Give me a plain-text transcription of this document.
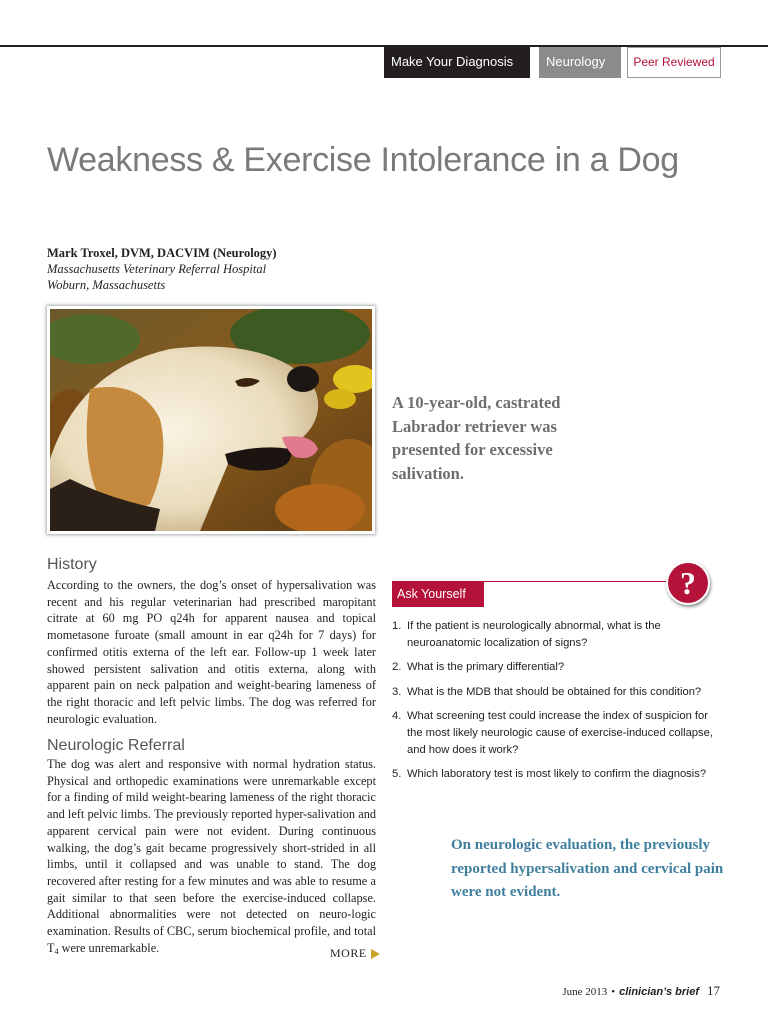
Make Your Diagnosis	Neurology	Peer Reviewed
Weakness & Exercise Intolerance in a Dog
Mark Troxel, DVM, DACVIM (Neurology)
Massachusetts Veterinary Referral Hospital
Woburn, Massachusetts
A 10-year-old, castrated Labrador retriever was presented for excessive salivation.
History

According to the owners, the dog’s onset of hypersalivation was recent and his regular veterinarian had prescribed maropitant citrate at 60 mg PO q24h for apparent nausea and topical mometasone furoate (small amount in ear q24h for 7 days) for confirmed otitis externa of the left ear. Follow-up 1 week later showed persistent salivation and otitis externa, along with apparent pain on neck palpation and weight-bearing lameness of the right thoracic and left pelvic limbs. The dog was referred for neurologic evaluation.

Neurologic Referral

The dog was alert and responsive with normal hydration status. Physical and orthopedic examinations were unremarkable except for a finding of mild weight-bearing lameness of the right thoracic and left pelvic limbs. The previously reported hyper-salivation and apparent cervical pain were not evident. During continuous walking, the dog’s gait became progressively short-strided in all limbs, until it collapsed and was unable to stand. The dog recovered after resting for a few minutes and was able to resume a gait similar to that seen before the exercise-induced collapse. Additional abnormalities were not detected on neuro-logic examination. Results of CBC, serum biochemical profile, and total $T_4$ were unremarkable.	MORE
Ask Yourself	?
1. If the patient is neurologically abnormal, what is the neuroanatomic localization of signs?
2. What is the primary differential?
3. What is the MDB that should be obtained for this condition?
4. What screening test could increase the index of suspicion for the most likely neurologic cause of exercise-induced collapse, and how does it work?
5. Which laboratory test is most likely to confirm the diagnosis?
On neurologic evaluation, the previously reported hypersalivation and cervical pain were not evident.
June 2013 • clinician’s brief 17
